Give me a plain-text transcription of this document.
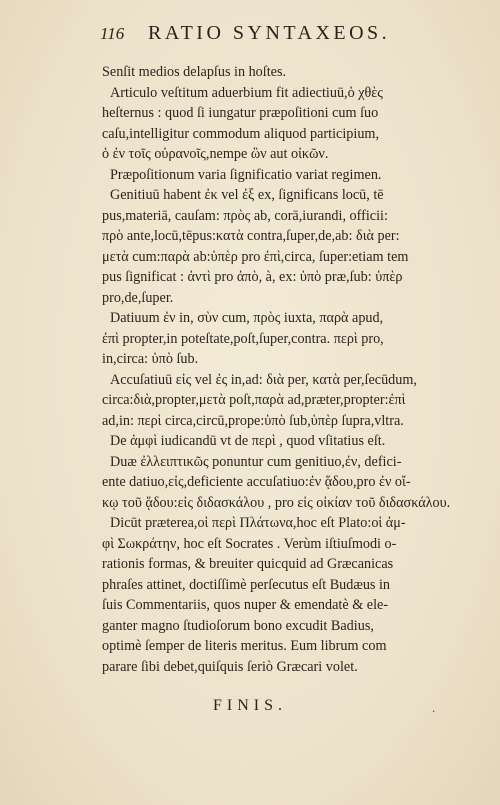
116 RATIO SYNTAXEOS.

Senſit medios delapſus in hoſtes.

Articulo veſtitum aduerbium fit adiectiuū,ὁ χθὲς

heſternus : quod ſi iungatur præpoſitioni cum ſuo

caſu,intelligitur commodum aliquod participium,

ὁ ἐν τοῖς οὐρανοῖς,nempe ὢν aut οἰκῶν.

Præpoſitionum varia ſignificatio variat regimen.

Genitiuū habent ἐκ vel ἐξ ex, ſignificans locū, tē

pus,materiā, cauſam: πρὸς ab, corā,iurandi, officii:

πρὸ ante,locū,tēpus:κατὰ contra,ſuper,de,ab: διὰ per:

μετὰ cum:παρὰ ab:ὑπὲρ pro ἐπὶ,circa, ſuper:etiam tem

pus ſignificat : ἀντὶ pro ἀπὸ, à, ex: ὑπὸ præ,ſub: ὑπὲρ

pro,de,ſuper.

Datiuum ἐν in, σὺν cum, πρὸς iuxta, παρὰ apud,

ἐπὶ propter,in poteſtate,poſt,ſuper,contra. περὶ pro,

in,circa: ὑπὸ ſub.

Accuſatiuū εἰς vel ἐς in,ad: διὰ per, κατὰ per,ſecūdum,

circa:διὰ,propter,μετὰ poſt,παρὰ ad,præter,propter:ἐπὶ

ad,in: περὶ circa,circū,prope:ὑπὸ ſub,ὑπὲρ ſupra,vltra.

De ἀμφὶ iudicandū vt de περὶ , quod vſitatius eſt.

Duæ ἐλλειπτικῶς ponuntur cum genitiuo,ἐν, defici-

ente datiuo,εἰς,deficiente accuſatiuo:ἐν ᾅδου,pro ἐν οἴ-

κῳ τοῦ ᾅδου:εἰς διδασκάλου , pro εἰς οἰκίαν τοῦ διδασκάλου.

Dicūt præterea,οἱ περὶ Πλάτωνα,hoc eſt Plato:οἱ ἀμ-

φὶ Σωκράτην, hoc eſt Socrates . Verùm iſtiuſmodi o-

rationis formas, & breuiter quicquid ad Græcanicas

phraſes attinet, doctiſſimè perſecutus eſt Budæus in

ſuis Commentariis, quos nuper & emendatè & ele-

ganter magno ſtudioſorum bono excudit Badius,

optimè ſemper de literis meritus. Eum librum com

parare ſibi debet,quiſquis ſeriò Græcari volet.

FINIS.	.
